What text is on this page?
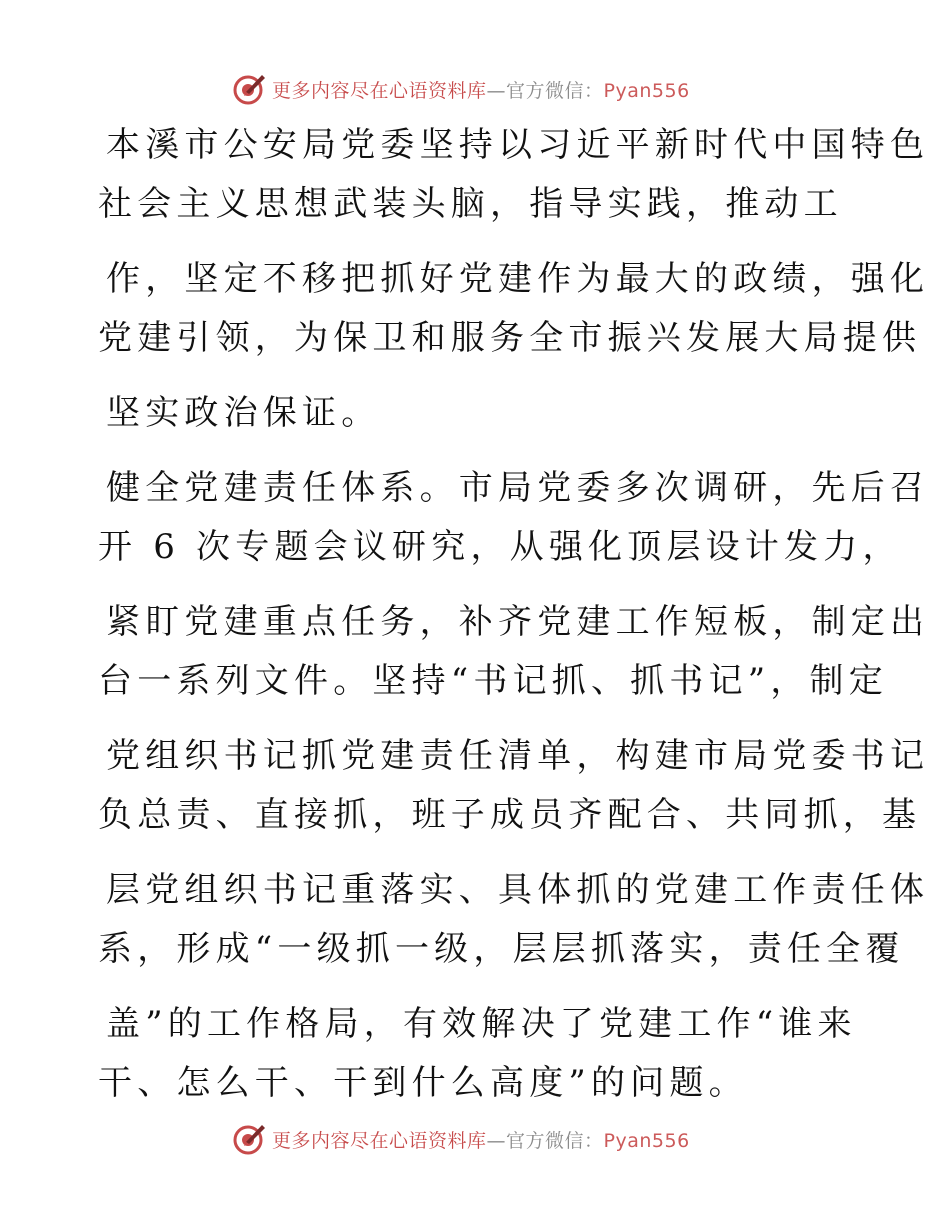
更多内容尽在心语资料库—官方微信：Pyan556
本溪市公安局党委坚持以习近平新时代中国特色
社会主义思想武装头脑，指导实践，推动工
作，坚定不移把抓好党建作为最大的政绩，强化
党建引领，为保卫和服务全市振兴发展大局提供
坚实政治保证。
健全党建责任体系。市局党委多次调研，先后召
开 6 次专题会议研究，从强化顶层设计发力，
紧盯党建重点任务，补齐党建工作短板，制定出
台一系列文件。坚持“书记抓、抓书记”，制定
党组织书记抓党建责任清单，构建市局党委书记
负总责、直接抓，班子成员齐配合、共同抓，基
层党组织书记重落实、具体抓的党建工作责任体
系，形成“一级抓一级，层层抓落实，责任全覆
盖”的工作格局，有效解决了党建工作“谁来
干、怎么干、干到什么高度”的问题。
更多内容尽在心语资料库—官方微信：Pyan556
